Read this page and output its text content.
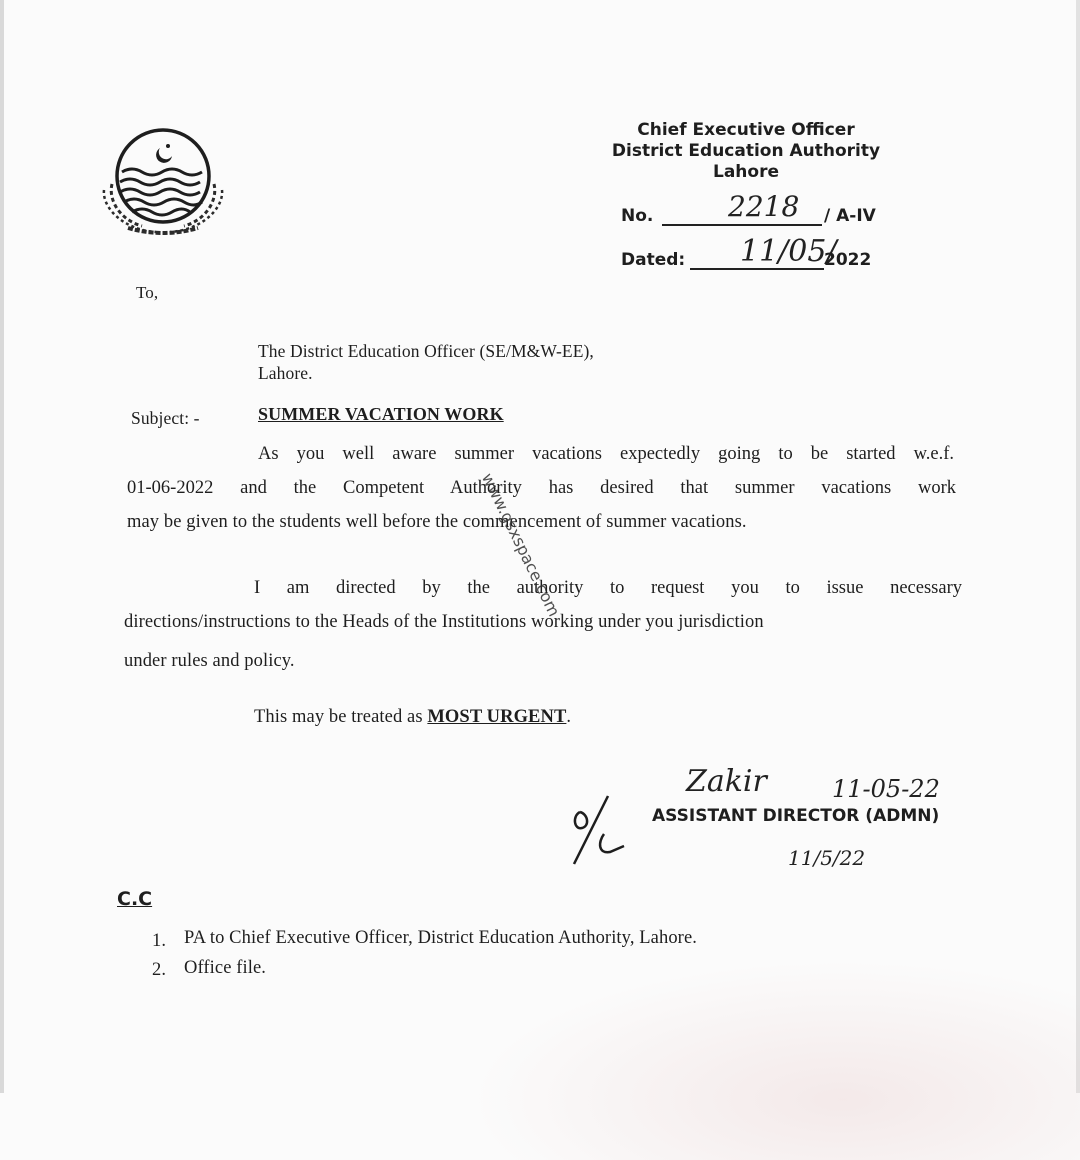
Chief Executive Officer
District Education Authority
Lahore
No.	2218 / A-IV
Dated: 11/05/
2022
To,
The District Education Officer (SE/M&W-EE),
Lahore.
Subject: -	SUMMER VACATION WORK
As you well aware summer vacations expectedly going to be started w.e.f.
01-06-2022 and the Competent Authority has desired that summer vacations work
may be given to the students well before the commencement of summer vacations.
I am directed by the authority to request you to issue necessary
directions/instructions to the Heads of the Institutions working under you jurisdiction
under rules and policy.
This may be treated as MOST URGENT.
Zakir	11-05-22
ASSISTANT DIRECTOR (ADMN)
11/5/22
C.C
1. PA to Chief Executive Officer, District Education Authority, Lahore.
2. Office file.
www.gsxspace.com
